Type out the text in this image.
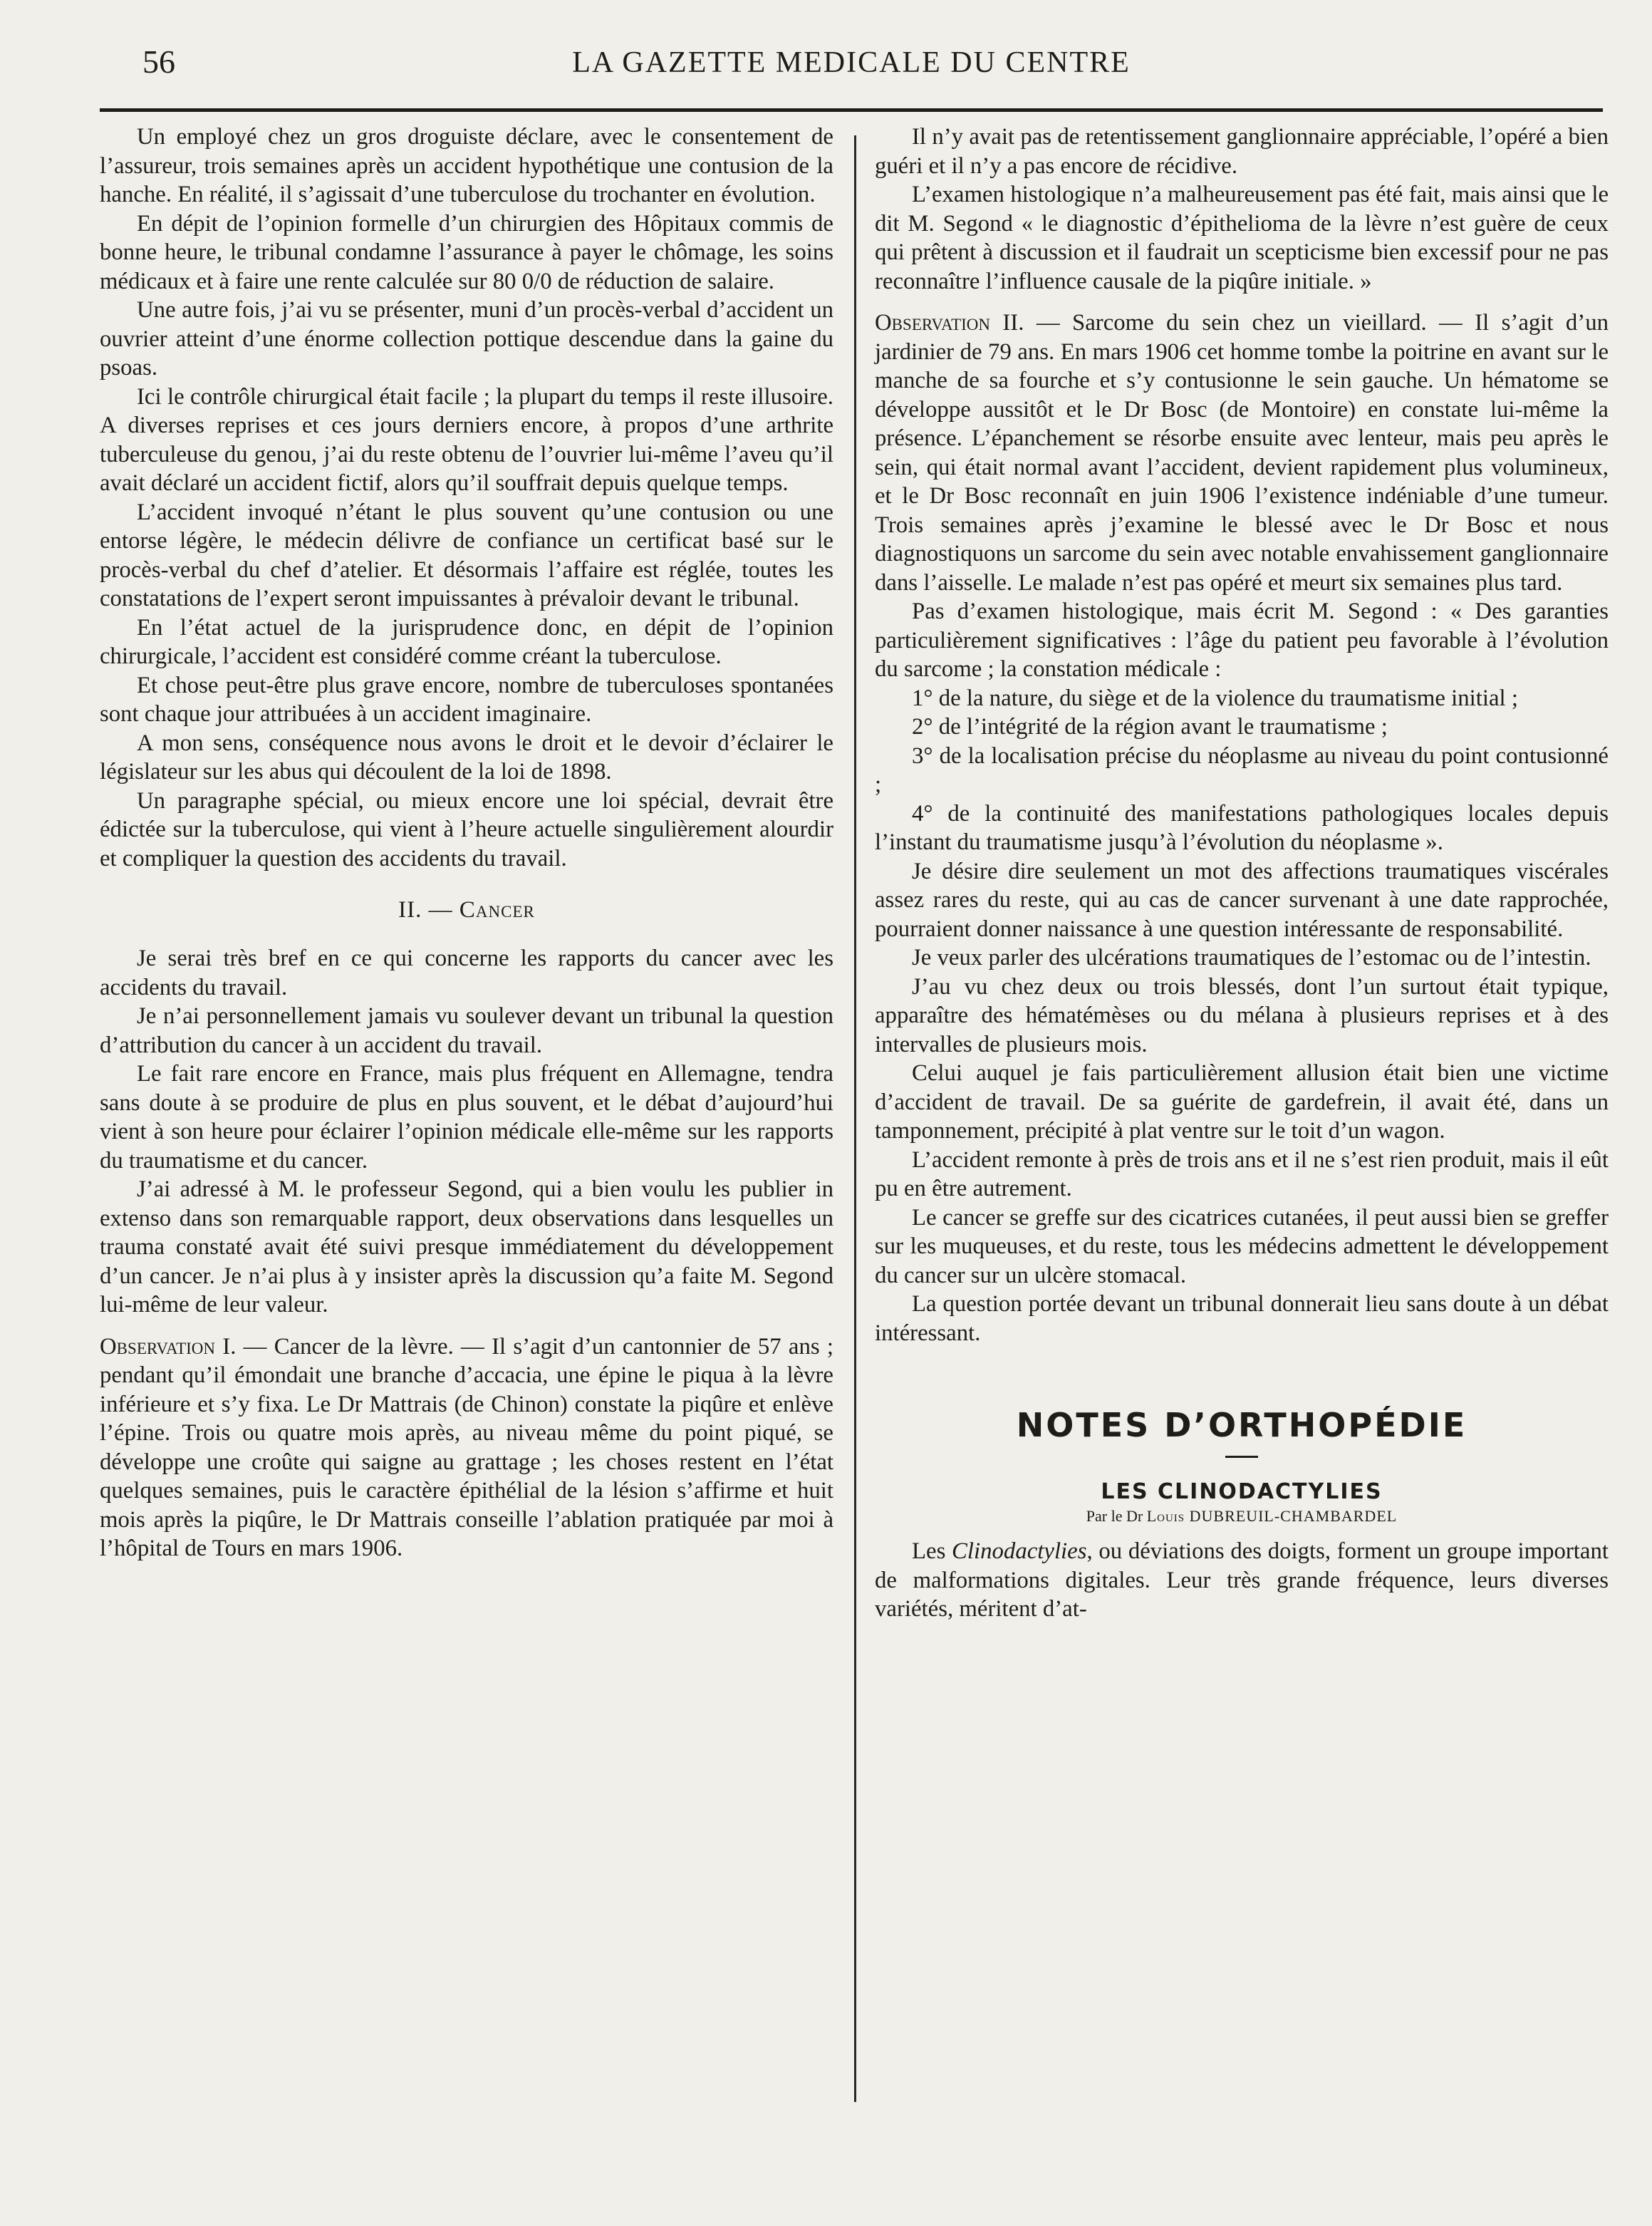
56	LA GAZETTE MEDICALE DU CENTRE

Un employé chez un gros droguiste déclare, avec le consentement de l’assureur, trois semaines après un accident hypothétique une contusion de la hanche. En réalité, il s’agissait d’une tuberculose du trochanter en évolution.

En dépit de l’opinion formelle d’un chirurgien des Hôpitaux commis de bonne heure, le tribunal condamne l’assurance à payer le chômage, les soins médicaux et à faire une rente calculée sur 80 0/0 de réduction de salaire.

Une autre fois, j’ai vu se présenter, muni d’un procès-verbal d’accident un ouvrier atteint d’une énorme collection pottique descendue dans la gaine du psoas.

Ici le contrôle chirurgical était facile ; la plupart du temps il reste illusoire. A diverses reprises et ces jours derniers encore, à propos d’une arthrite tuberculeuse du genou, j’ai du reste obtenu de l’ouvrier lui-même l’aveu qu’il avait déclaré un accident fictif, alors qu’il souffrait depuis quelque temps.

L’accident invoqué n’étant le plus souvent qu’une contusion ou une entorse légère, le médecin délivre de confiance un certificat basé sur le procès-verbal du chef d’atelier. Et désormais l’affaire est réglée, toutes les constatations de l’expert seront impuissantes à prévaloir devant le tribunal.

En l’état actuel de la jurisprudence donc, en dépit de l’opinion chirurgicale, l’accident est considéré comme créant la tuberculose.

Et chose peut-être plus grave encore, nombre de tuberculoses spontanées sont chaque jour attribuées à un accident imaginaire.

A mon sens, conséquence nous avons le droit et le devoir d’éclairer le législateur sur les abus qui découlent de la loi de 1898.

Un paragraphe spécial, ou mieux encore une loi spécial, devrait être édictée sur la tuberculose, qui vient à l’heure actuelle singulièrement alourdir et compliquer la question des accidents du travail.

II. — Cancer

Je serai très bref en ce qui concerne les rapports du cancer avec les accidents du travail.

Je n’ai personnellement jamais vu soulever devant un tribunal la question d’attribution du cancer à un accident du travail.

Le fait rare encore en France, mais plus fréquent en Allemagne, tendra sans doute à se produire de plus en plus souvent, et le débat d’aujourd’hui vient à son heure pour éclairer l’opinion médicale elle-même sur les rapports du traumatisme et du cancer.

J’ai adressé à M. le professeur Segond, qui a bien voulu les publier in extenso dans son remarquable rapport, deux observations dans lesquelles un trauma constaté avait été suivi presque immédiatement du développement d’un cancer. Je n’ai plus à y insister après la discussion qu’a faite M. Segond lui-même de leur valeur.

Observation I. — Cancer de la lèvre. — Il s’agit d’un cantonnier de 57 ans ; pendant qu’il émondait une branche d’accacia, une épine le piqua à la lèvre inférieure et s’y fixa. Le Dr Mattrais (de Chinon) constate la piqûre et enlève l’épine. Trois ou quatre mois après, au niveau même du point piqué, se développe une croûte qui saigne au grattage ; les choses restent en l’état quelques semaines, puis le caractère épithélial de la lésion s’affirme et huit mois après la piqûre, le Dr Mattrais conseille l’ablation pratiquée par moi à l’hôpital de Tours en mars 1906.

Il n’y avait pas de retentissement ganglionnaire appréciable, l’opéré a bien guéri et il n’y a pas encore de récidive.

L’examen histologique n’a malheureusement pas été fait, mais ainsi que le dit M. Segond « le diagnostic d’épithelioma de la lèvre n’est guère de ceux qui prêtent à discussion et il faudrait un scepticisme bien excessif pour ne pas reconnaître l’influence causale de la piqûre initiale. »

Observation II. — Sarcome du sein chez un vieillard. — Il s’agit d’un jardinier de 79 ans. En mars 1906 cet homme tombe la poitrine en avant sur le manche de sa fourche et s’y contusionne le sein gauche. Un hématome se développe aussitôt et le Dr Bosc (de Montoire) en constate lui-même la présence. L’épanchement se résorbe ensuite avec lenteur, mais peu après le sein, qui était normal avant l’accident, devient rapidement plus volumineux, et le Dr Bosc reconnaît en juin 1906 l’existence indéniable d’une tumeur. Trois semaines après j’examine le blessé avec le Dr Bosc et nous diagnostiquons un sarcome du sein avec notable envahissement ganglionnaire dans l’aisselle. Le malade n’est pas opéré et meurt six semaines plus tard.

Pas d’examen histologique, mais écrit M. Segond : « Des garanties particulièrement significatives : l’âge du patient peu favorable à l’évolution du sarcome ; la constation médicale :

1° de la nature, du siège et de la violence du traumatisme initial ;

2° de l’intégrité de la région avant le traumatisme ;

3° de la localisation précise du néoplasme au niveau du point contusionné ;

4° de la continuité des manifestations pathologiques locales depuis l’instant du traumatisme jusqu’à l’évolution du néoplasme ».

Je désire dire seulement un mot des affections traumatiques viscérales assez rares du reste, qui au cas de cancer survenant à une date rapprochée, pourraient donner naissance à une question intéressante de responsabilité.

Je veux parler des ulcérations traumatiques de l’estomac ou de l’intestin.

J’au vu chez deux ou trois blessés, dont l’un surtout était typique, apparaître des hématémèses ou du mélana à plusieurs reprises et à des intervalles de plusieurs mois.

Celui auquel je fais particulièrement allusion était bien une victime d’accident de travail. De sa guérite de gardefrein, il avait été, dans un tamponnement, précipité à plat ventre sur le toit d’un wagon.

L’accident remonte à près de trois ans et il ne s’est rien produit, mais il eût pu en être autrement.

Le cancer se greffe sur des cicatrices cutanées, il peut aussi bien se greffer sur les muqueuses, et du reste, tous les médecins admettent le développement du cancer sur un ulcère stomacal.

La question portée devant un tribunal donnerait lieu sans doute à un débat intéressant.

NOTES D’ORTHOPÉDIE
LES CLINODACTYLIES
Par le Dr Louis DUBREUIL-CHAMBARDEL

Les Clinodactylies, ou déviations des doigts, forment un groupe important de malformations digitales. Leur très grande fréquence, leurs diverses variétés, méritent d’at-
